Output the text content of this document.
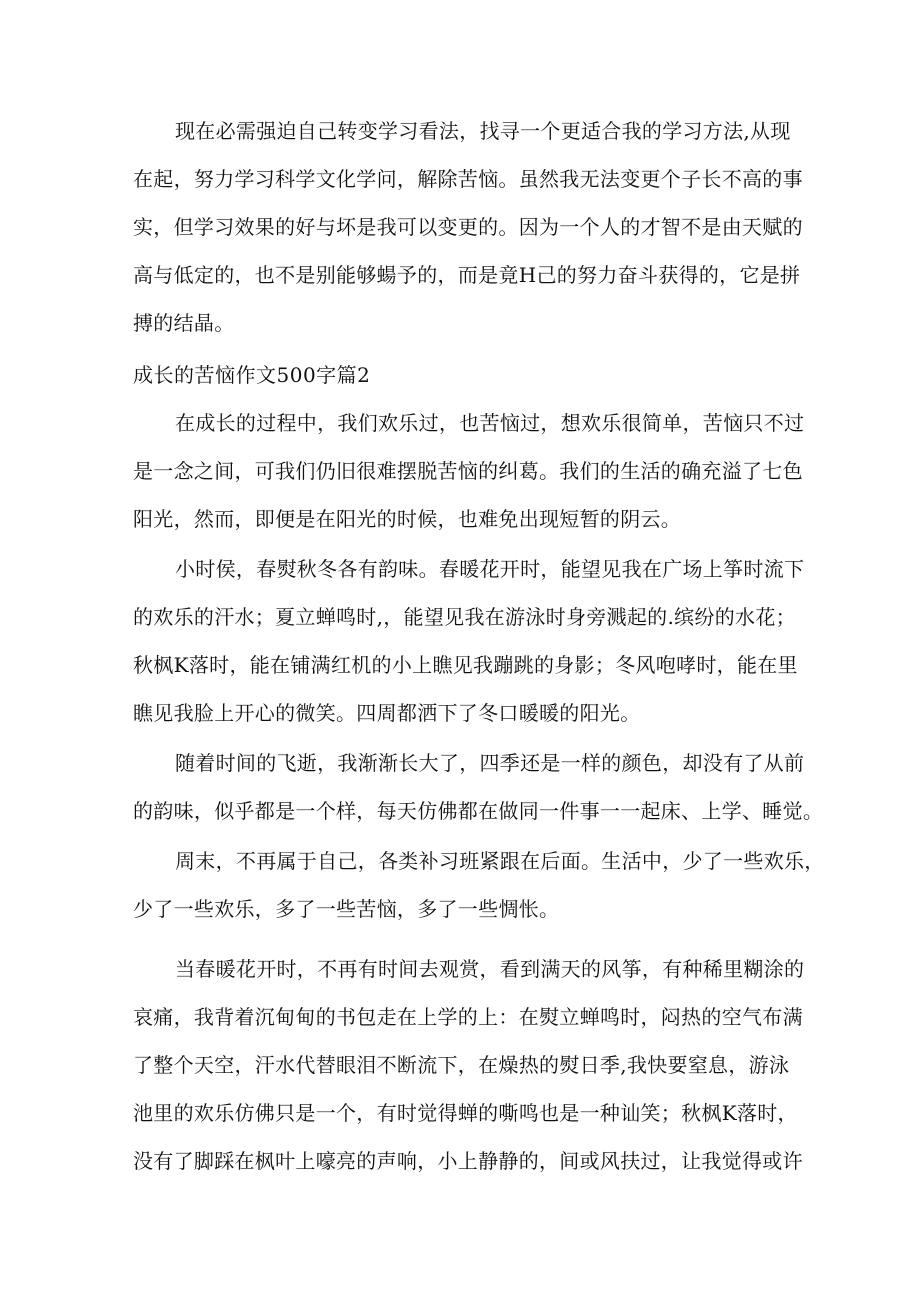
现在必需强迫自己转变学习看法，找寻一个更适合我的学习方法,从现
在起，努力学习科学文化学问，解除苦恼。虽然我无法变更个子长不高的事
实，但学习效果的好与坏是我可以变更的。因为一个人的才智不是由天赋的
高与低定的，也不是别能够蝪予的，而是竟H己的努力奋斗获得的，它是拼
搏的结晶。
成长的苦恼作文500字篇2
在成长的过程中，我们欢乐过，也苦恼过，想欢乐很简单，苦恼只不过
是一念之间，可我们仍旧很难摆脱苦恼的纠葛。我们的生活的确充溢了七色
阳光，然而，即便是在阳光的时候，也难免出现短暂的阴云。
小时侯，春熨秋冬各有韵味。春暖花开时，能望见我在广场上筝时流下
的欢乐的汗水；夏立蝉鸣时,，能望见我在游泳时身旁溅起的.缤纷的水花；
秋枫K落时，能在铺满红机的小上瞧见我蹦跳的身影；冬风咆哮时，能在里
瞧见我脸上开心的微笑。四周都洒下了冬口暖暖的阳光。
随着时间的飞逝，我渐渐长大了，四季还是一样的颜色，却没有了从前
的韵味，似乎都是一个样，每天仿佛都在做同一件事一一起床、上学、睡觉。
周末，不再属于自己，各类补习班紧跟在后面。生活中，少了一些欢乐，
少了一些欢乐，多了一些苦恼，多了一些惆怅。
当春暖花开时，不再有时间去观赏，看到满天的风筝，有种稀里糊涂的
哀痛，我背着沉甸甸的书包走在上学的上：在熨立蝉鸣时，闷热的空气布满
了整个天空，汗水代替眼泪不断流下，在燥热的熨日季,我快要窒息，游泳
池里的欢乐仿佛只是一个，有时觉得蝉的嘶鸣也是一种讪笑；秋枫K落时，
没有了脚踩在枫叶上嚎亮的声响，小上静静的，间或风扶过，让我觉得或许
